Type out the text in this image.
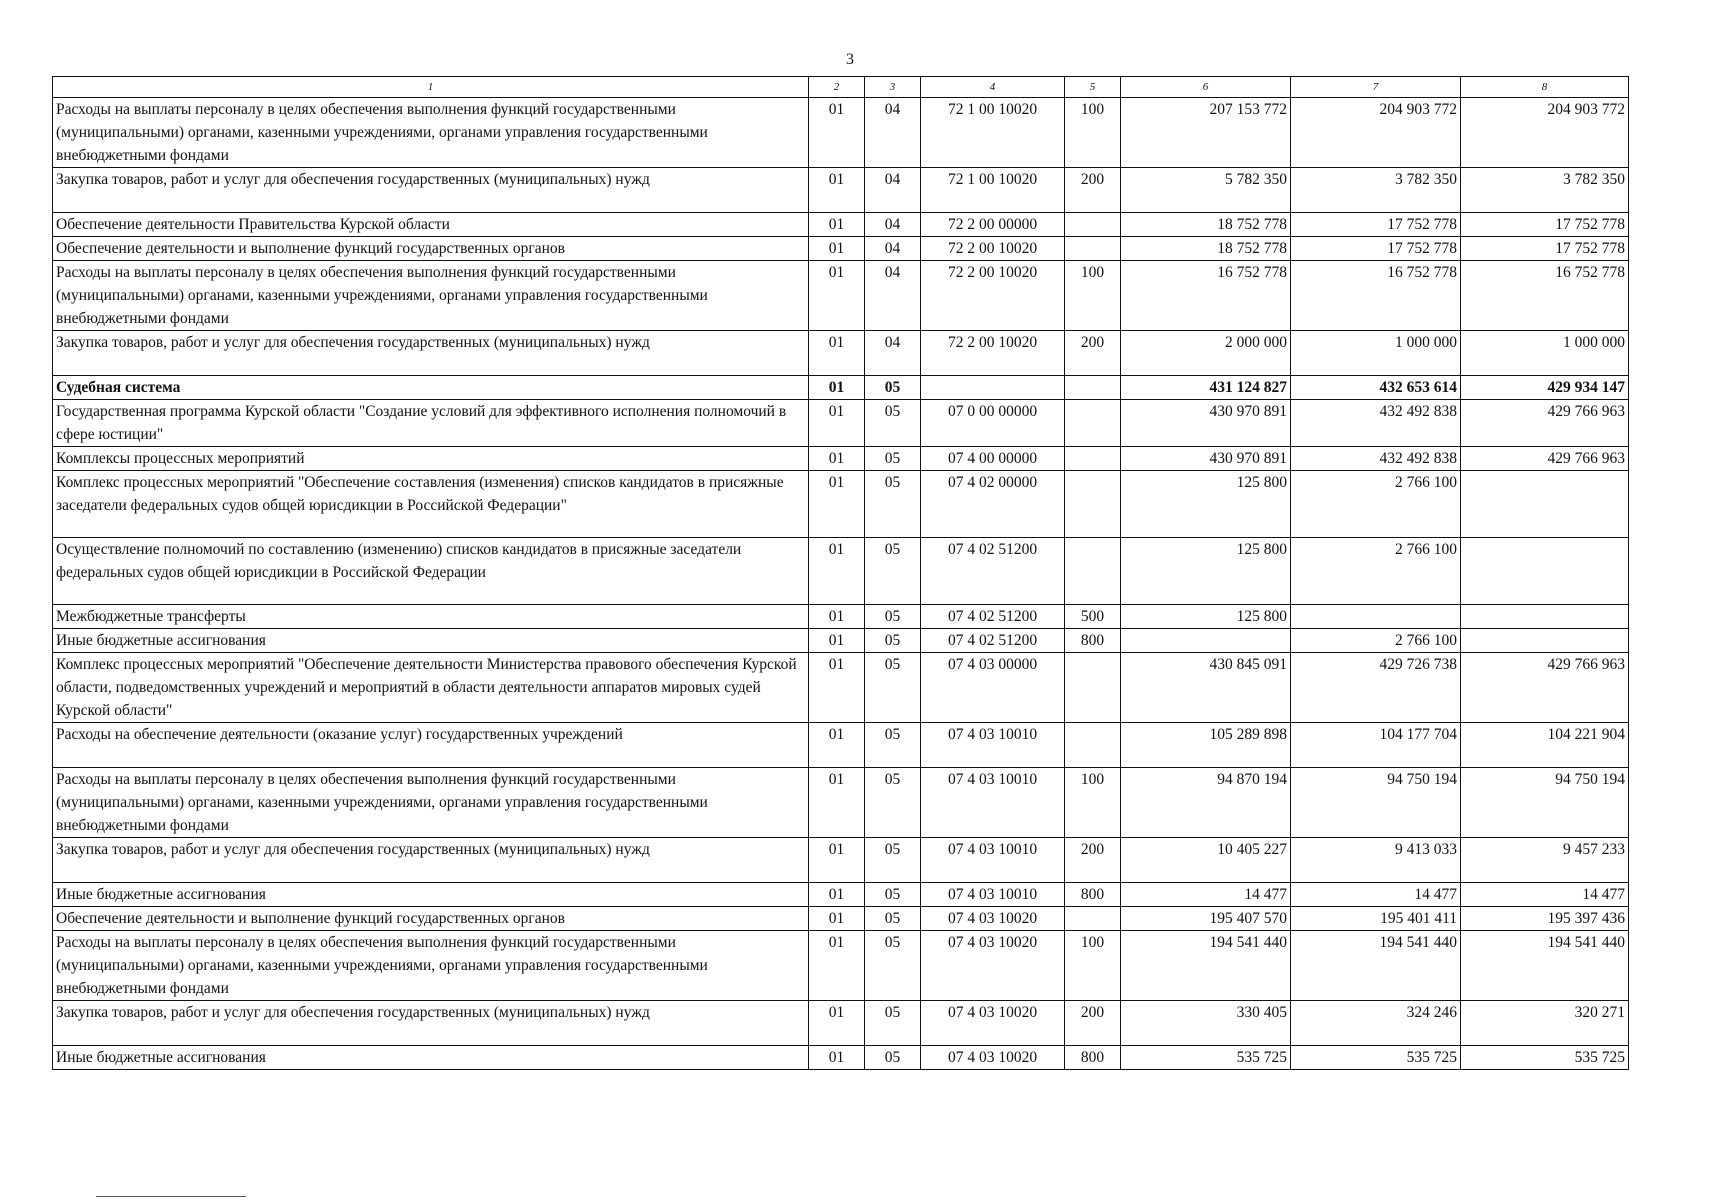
3
1	2	3	4	5	6	7	8
Расходы на выплаты персоналу в целях обеспечения выполнения функций государственными (муниципальными) органами, казенными учреждениями, органами управления государственными внебюджетными фондами	01	04	72 1 00 10020	100	207 153 772	204 903 772	204 903 772
Закупка товаров, работ и услуг для обеспечения государственных (муниципальных) нужд	01	04	72 1 00 10020	200	5 782 350	3 782 350	3 782 350
Обеспечение деятельности Правительства Курской области	01	04	72 2 00 00000		18 752 778	17 752 778	17 752 778
Обеспечение деятельности и выполнение функций государственных органов	01	04	72 2 00 10020		18 752 778	17 752 778	17 752 778
Расходы на выплаты персоналу в целях обеспечения выполнения функций государственными (муниципальными) органами, казенными учреждениями, органами управления государственными внебюджетными фондами	01	04	72 2 00 10020	100	16 752 778	16 752 778	16 752 778
Закупка товаров, работ и услуг для обеспечения государственных (муниципальных) нужд	01	04	72 2 00 10020	200	2 000 000	1 000 000	1 000 000
Судебная система	01	05			431 124 827	432 653 614	429 934 147
Государственная программа Курской области "Создание условий для эффективного исполнения полномочий в сфере юстиции"	01	05	07 0 00 00000		430 970 891	432 492 838	429 766 963
Комплексы процессных мероприятий	01	05	07 4 00 00000		430 970 891	432 492 838	429 766 963
Комплекс процессных мероприятий "Обеспечение составления (изменения) списков кандидатов в присяжные заседатели федеральных судов общей юрисдикции в Российской Федерации"	01	05	07 4 02 00000		125 800	2 766 100	
Осуществление полномочий по составлению (изменению) списков кандидатов в присяжные заседатели федеральных судов общей юрисдикции в Российской Федерации	01	05	07 4 02 51200		125 800	2 766 100	
Межбюджетные трансферты	01	05	07 4 02 51200	500	125 800		
Иные бюджетные ассигнования	01	05	07 4 02 51200	800		2 766 100	
Комплекс процессных мероприятий "Обеспечение деятельности Министерства правового обеспечения Курской области, подведомственных учреждений и мероприятий в области деятельности аппаратов мировых судей Курской области"	01	05	07 4 03 00000		430 845 091	429 726 738	429 766 963
Расходы на обеспечение деятельности (оказание услуг) государственных учреждений	01	05	07 4 03 10010		105 289 898	104 177 704	104 221 904
Расходы на выплаты персоналу в целях обеспечения выполнения функций государственными (муниципальными) органами, казенными учреждениями, органами управления государственными внебюджетными фондами	01	05	07 4 03 10010	100	94 870 194	94 750 194	94 750 194
Закупка товаров, работ и услуг для обеспечения государственных (муниципальных) нужд	01	05	07 4 03 10010	200	10 405 227	9 413 033	9 457 233
Иные бюджетные ассигнования	01	05	07 4 03 10010	800	14 477	14 477	14 477
Обеспечение деятельности и выполнение функций государственных органов	01	05	07 4 03 10020		195 407 570	195 401 411	195 397 436
Расходы на выплаты персоналу в целях обеспечения выполнения функций государственными (муниципальными) органами, казенными учреждениями, органами управления государственными внебюджетными фондами	01	05	07 4 03 10020	100	194 541 440	194 541 440	194 541 440
Закупка товаров, работ и услуг для обеспечения государственных (муниципальных) нужд	01	05	07 4 03 10020	200	330 405	324 246	320 271
Иные бюджетные ассигнования	01	05	07 4 03 10020	800	535 725	535 725	535 725
